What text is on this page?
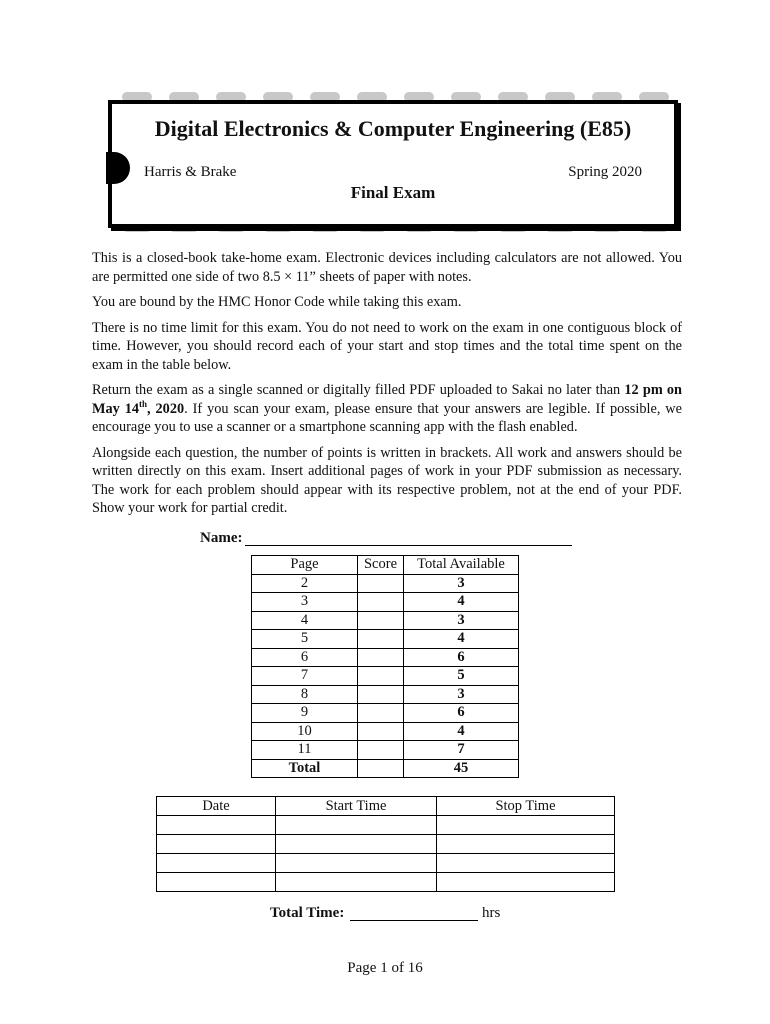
Digital Electronics & Computer Engineering (E85)
Harris & Brake	Spring 2020
Final Exam

This is a closed-book take-home exam. Electronic devices including calculators are not allowed. You are permitted one side of two 8.5 × 11” sheets of paper with notes.

You are bound by the HMC Honor Code while taking this exam.

There is no time limit for this exam. You do not need to work on the exam in one contiguous block of time. However, you should record each of your start and stop times and the total time spent on the exam in the table below.

Return the exam as a single scanned or digitally filled PDF uploaded to Sakai no later than 12 pm on May 14th, 2020. If you scan your exam, please ensure that your answers are legible. If possible, we encourage you to use a scanner or a smartphone scanning app with the flash enabled.

Alongside each question, the number of points is written in brackets. All work and answers should be written directly on this exam. Insert additional pages of work in your PDF submission as necessary. The work for each problem should appear with its respective problem, not at the end of your PDF. Show your work for partial credit.

Name:
Page	Score	Total Available
2		3
3		4
4		3
5		4
6		6
7		5
8		3
9		6
10		4
11		7
Total		45
Date	Start Time	Stop Time

Total Time:	hrs
Page 1 of 16
